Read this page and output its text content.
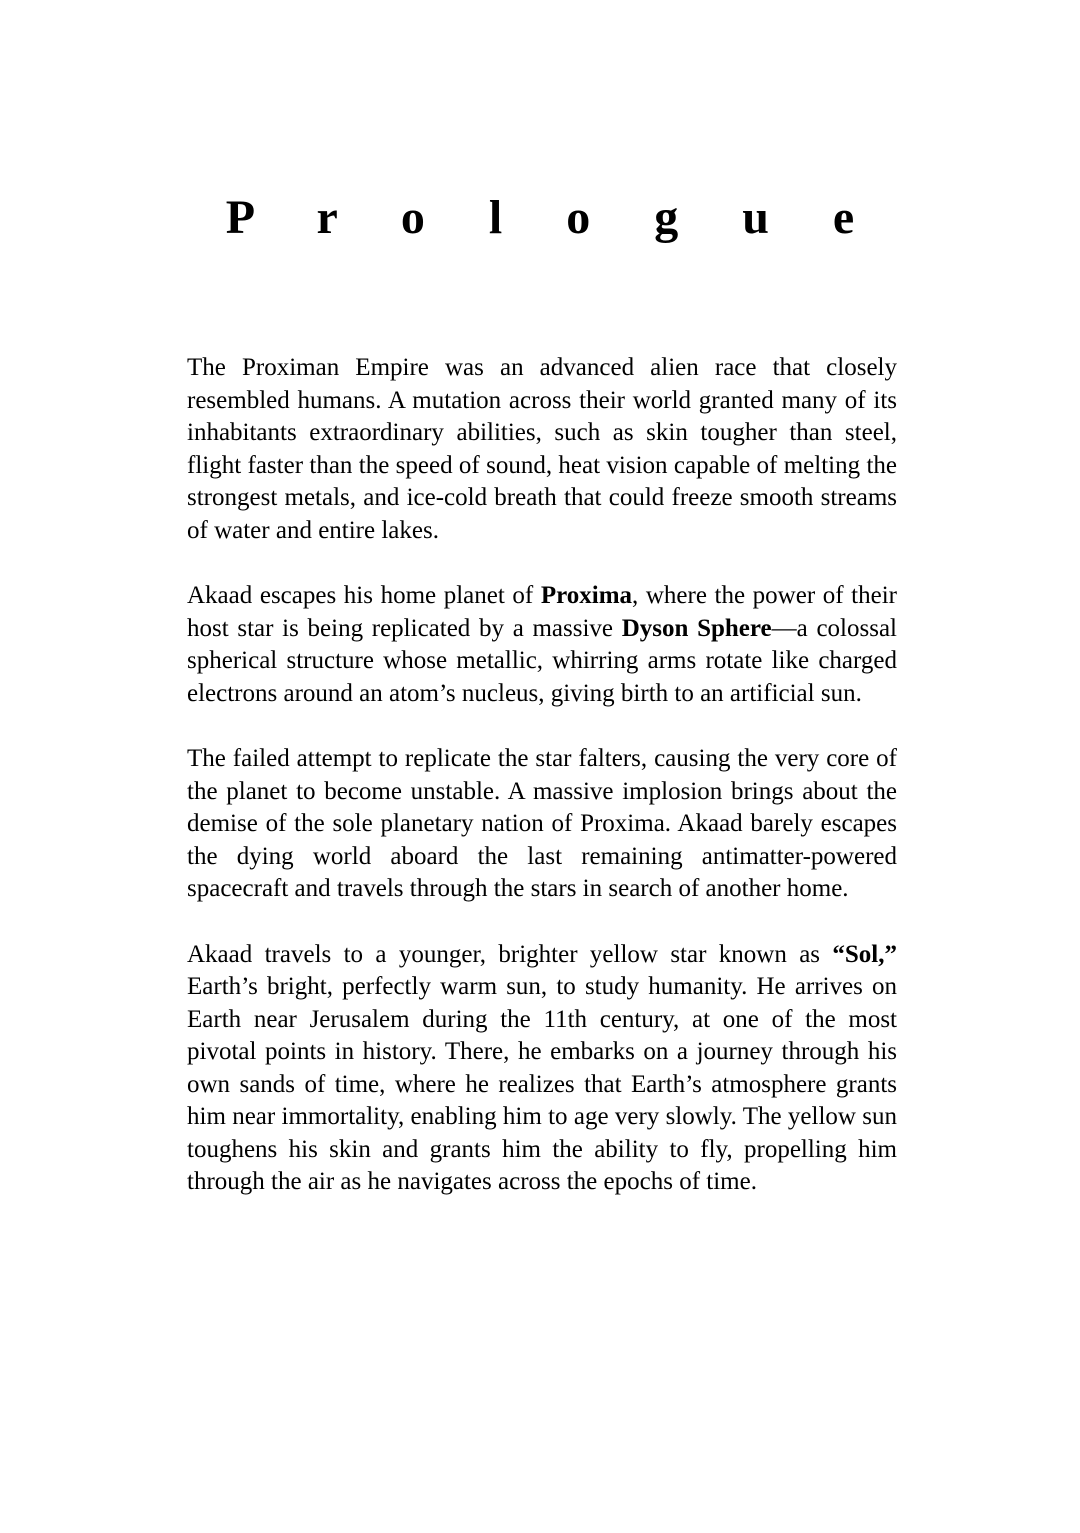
P r o l o g u e

The Proximan Empire was an advanced alien race that closely resembled humans. A mutation across their world granted many of its inhabitants extraordinary abilities, such as skin tougher than steel, flight faster than the speed of sound, heat vision capable of melting the strongest metals, and ice-cold breath that could freeze smooth streams of water and entire lakes.

Akaad escapes his home planet of Proxima, where the power of their host star is being replicated by a massive Dyson Sphere—a colossal spherical structure whose metallic, whirring arms rotate like charged electrons around an atom’s nucleus, giving birth to an artificial sun.

The failed attempt to replicate the star falters, causing the very core of the planet to become unstable. A massive implosion brings about the demise of the sole planetary nation of Proxima. Akaad barely escapes the dying world aboard the last remaining antimatter-powered spacecraft and travels through the stars in search of another home.

Akaad travels to a younger, brighter yellow star known as “Sol,” Earth’s bright, perfectly warm sun, to study humanity. He arrives on Earth near Jerusalem during the 11th century, at one of the most pivotal points in history. There, he embarks on a journey through his own sands of time, where he realizes that Earth’s atmosphere grants him near immortality, enabling him to age very slowly. The yellow sun toughens his skin and grants him the ability to fly, propelling him through the air as he navigates across the epochs of time.
